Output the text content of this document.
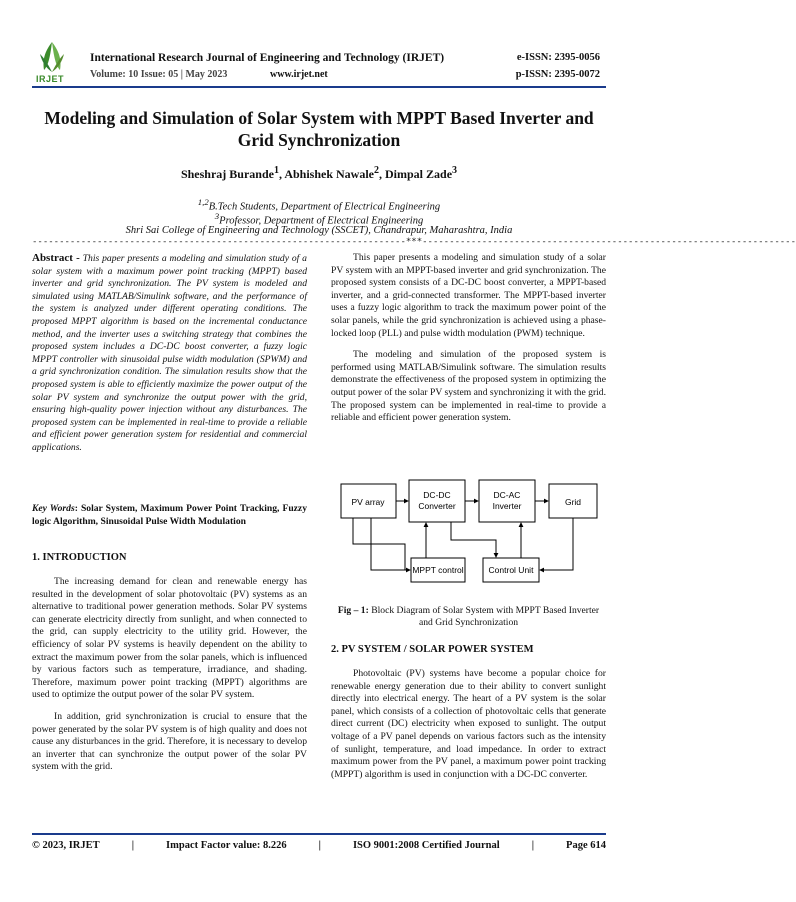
IRJET
International Research Journal of Engineering and Technology (IRJET)	e-ISSN: 2395-0056
Volume: 10 Issue: 05 | May 2023	www.irjet.net	p-ISSN: 2395-0072
Modeling and Simulation of Solar System with MPPT Based Inverter and Grid Synchronization
Sheshraj Burande$^1$, Abhishek Nawale$^2$, Dimpal Zade$^3$
$^{1,2}$B.Tech Students, Department of Electrical Engineering
$^3$Professor, Department of Electrical Engineering
Shri Sai College of Engineering and Technology (SSCET), Chandrapur, Maharashtra, India
---------------------------------------------------------------------***---------------------------------------------------------------------

Abstract - This paper presents a modeling and simulation study of a solar system with a maximum power point tracking (MPPT) based inverter and grid synchronization. The PV system is modeled and simulated using MATLAB/Simulink software, and the performance of the system is analyzed under different operating conditions. The proposed MPPT algorithm is based on the incremental conductance method, and the inverter uses a switching strategy that combines the proposed system includes a DC-DC boost converter, a fuzzy logic MPPT controller with sinusoidal pulse width modulation (SPWM) and a grid synchronization condition. The simulation results show that the proposed system is able to efficiently maximize the power output of the solar PV system and synchronize the output power with the grid, ensuring high-quality power injection without any disturbances. The proposed system can be implemented in real-time to provide a reliable and efficient power generation system for residential and commercial applications.

Key Words: Solar System, Maximum Power Point Tracking, Fuzzy logic Algorithm, Sinusoidal Pulse Width Modulation

1. INTRODUCTION

The increasing demand for clean and renewable energy has resulted in the development of solar photovoltaic (PV) systems as an alternative to traditional power generation methods. Solar PV systems can generate electricity directly from sunlight, and when connected to the grid, can supply electricity to the utility grid. However, the efficiency of solar PV systems is heavily dependent on the ability to extract the maximum power from the solar panels, which is influenced by various factors such as temperature, irradiance, and shading. Therefore, maximum power point tracking (MPPT) algorithms are used to optimize the output power of the solar PV system.

In addition, grid synchronization is crucial to ensure that the power generated by the solar PV system is of high quality and does not cause any disturbances in the grid. Therefore, it is necessary to develop an inverter that can synchronize the output power of the solar PV system with the grid.

This paper presents a modeling and simulation study of a solar PV system with an MPPT-based inverter and grid synchronization. The proposed system consists of a DC-DC boost converter, a MPPT-based inverter, and a grid-connected transformer. The MPPT-based inverter uses a fuzzy logic algorithm to track the maximum power point of the solar panels, while the grid synchronization is achieved using a phase-locked loop (PLL) and pulse width modulation (PWM) technique.

The modeling and simulation of the proposed system is performed using MATLAB/Simulink software. The simulation results demonstrate the effectiveness of the proposed system in optimizing the output power of the solar PV system and synchronizing it with the grid. The proposed system can be implemented in real-time to provide a reliable and efficient power generation system.

PV array
DC-DC
Converter
DC-AC
Inverter	Grid
MPPT control	Control Unit
Fig – 1: Block Diagram of Solar System with MPPT Based Inverter and Grid Synchronization
2. PV SYSTEM / SOLAR POWER SYSTEM

Photovoltaic (PV) systems have become a popular choice for renewable energy generation due to their ability to convert sunlight directly into electrical energy. The heart of a PV system is the solar panel, which consists of a collection of photovoltaic cells that generate direct current (DC) electricity when exposed to sunlight. The output voltage of a PV panel depends on various factors such as the intensity of sunlight, temperature, and load impedance. In order to extract maximum power from the PV panel, a maximum power point tracking (MPPT) algorithm is used in conjunction with a DC-DC converter.

© 2023, IRJET	|	Impact Factor value: 8.226	|	ISO 9001:2008 Certified Journal	|	Page 614
